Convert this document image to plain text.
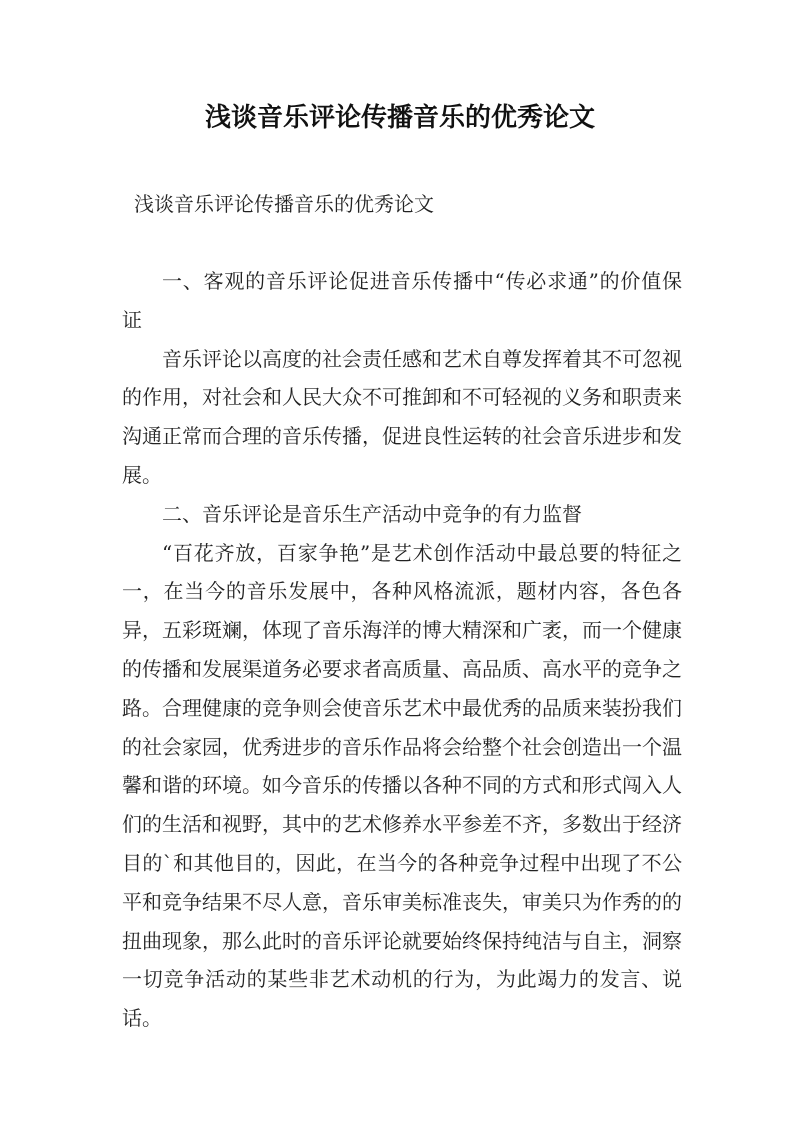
浅谈音乐评论传播音乐的优秀论文

浅谈音乐评论传播音乐的优秀论文

一、客观的音乐评论促进音乐传播中“传必求通”的价值保证

音乐评论以高度的社会责任感和艺术自尊发挥着其不可忽视的作用，对社会和人民大众不可推卸和不可轻视的义务和职责来沟通正常而合理的音乐传播，促进良性运转的社会音乐进步和发展。

二、音乐评论是音乐生产活动中竞争的有力监督

“百花齐放，百家争艳”是艺术创作活动中最总要的特征之一，在当今的音乐发展中，各种风格流派，题材内容，各色各异，五彩斑斓，体现了音乐海洋的博大精深和广袤，而一个健康的传播和发展渠道务必要求者高质量、高品质、高水平的竞争之路。合理健康的竞争则会使音乐艺术中最优秀的品质来装扮我们的社会家园，优秀进步的音乐作品将会给整个社会创造出一个温馨和谐的环境。如今音乐的传播以各种不同的方式和形式闯入人们的生活和视野，其中的艺术修养水平参差不齐，多数出于经济目的`和其他目的，因此，在当今的各种竞争过程中出现了不公平和竞争结果不尽人意，音乐审美标准丧失，审美只为作秀的的扭曲现象，那么此时的音乐评论就要始终保持纯洁与自主，洞察一切竞争活动的某些非艺术动机的行为，为此竭力的发言、说话。
